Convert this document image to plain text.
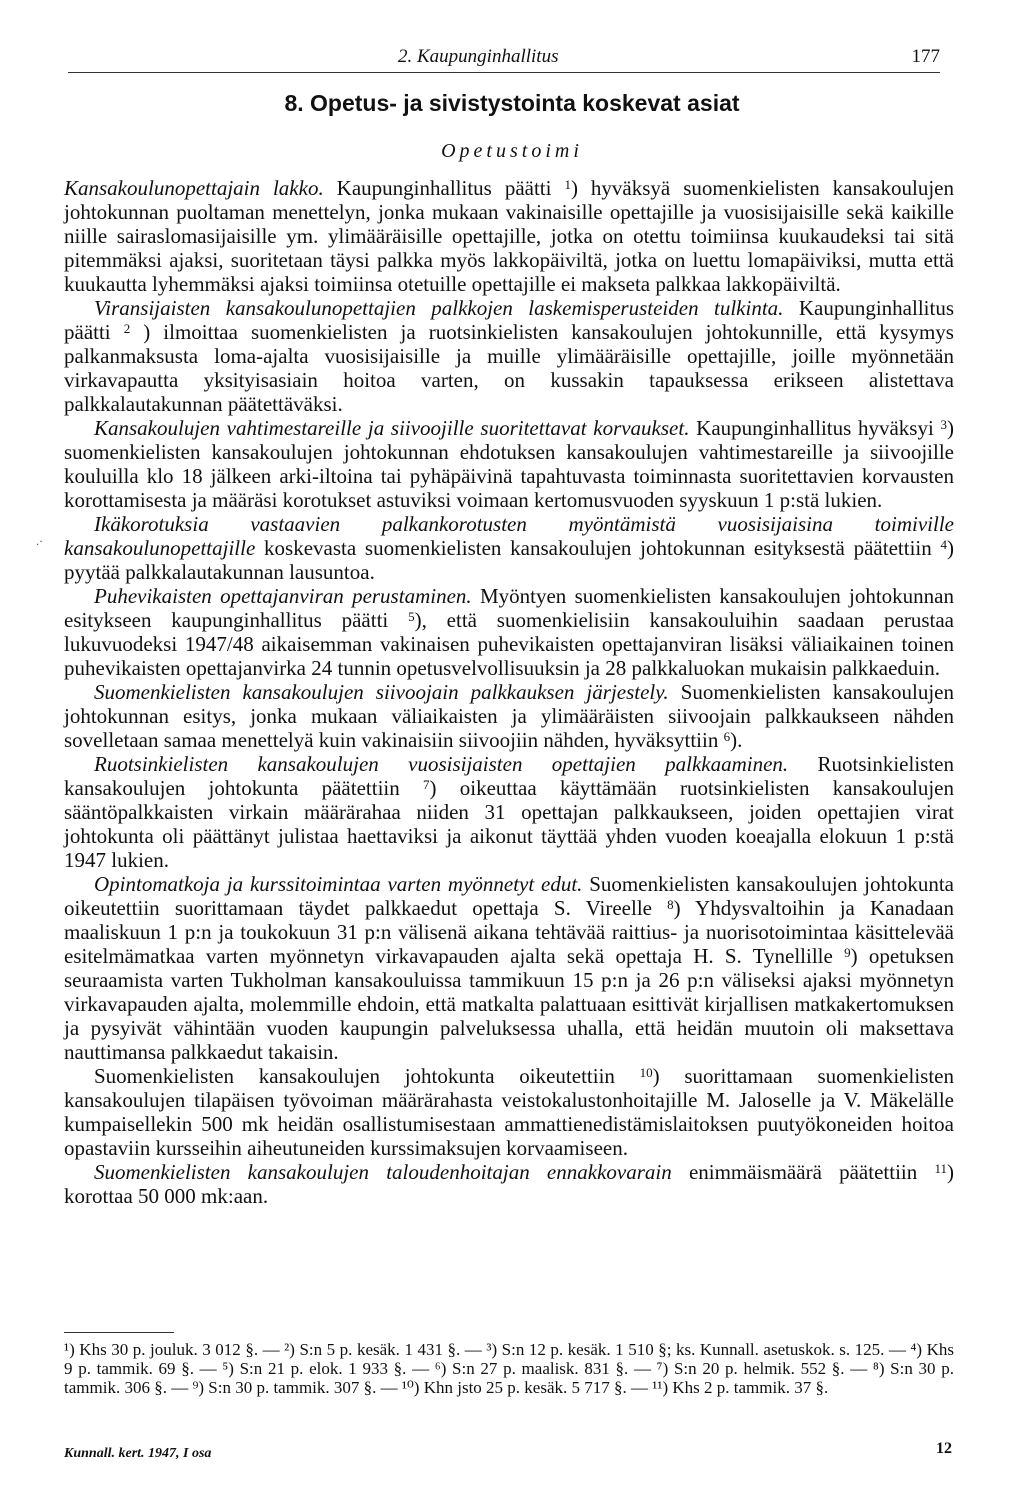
2. Kaupunginhallitus	177
8. Opetus- ja sivistystointa koskevat asiat
Opetustoimi
.·

Kansakoulunopettajain lakko. Kaupunginhallitus päätti $^1$) hyväksyä suomenkielisten kansakoulujen johtokunnan puoltaman menettelyn, jonka mukaan vakinaisille opettajille ja vuosisijaisille sekä kaikille niille sairaslomasijaisille ym. ylimääräisille opettajille, jotka on otettu toimiinsa kuukaudeksi tai sitä pitemmäksi ajaksi, suoritetaan täysi palkka myös lakkopäiviltä, jotka on luettu lomapäiviksi, mutta että kuukautta lyhemmäksi ajaksi toimiinsa otetuille opettajille ei makseta palkkaa lakkopäiviltä.

Viransijaisten kansakoulunopettajien palkkojen laskemisperusteiden tulkinta. Kaupunginhallitus päätti $^2$ ) ilmoittaa suomenkielisten ja ruotsinkielisten kansakoulujen johtokunnille, että kysymys palkanmaksusta loma-ajalta vuosisijaisille ja muille ylimääräisille opettajille, joille myönnetään virkavapautta yksityisasiain hoitoa varten, on kussakin tapauksessa erikseen alistettava palkkalautakunnan päätettäväksi.

Kansakoulujen vahtimestareille ja siivoojille suoritettavat korvaukset. Kaupunginhallitus hyväksyi $^3$) suomenkielisten kansakoulujen johtokunnan ehdotuksen kansakoulujen vahtimestareille ja siivoojille kouluilla klo 18 jälkeen arki-iltoina tai pyhäpäivinä tapahtuvasta toiminnasta suoritettavien korvausten korottamisesta ja määräsi korotukset astuviksi voimaan kertomusvuoden syyskuun 1 p:stä lukien.

Ikäkorotuksia vastaavien palkankorotusten myöntämistä vuosisijaisina toimiville kansakoulunopettajille koskevasta suomenkielisten kansakoulujen johtokunnan esityksestä päätettiin $^4$) pyytää palkkalautakunnan lausuntoa.

Puhevikaisten opettajanviran perustaminen. Myöntyen suomenkielisten kansakoulujen johtokunnan esitykseen kaupunginhallitus päätti $^5$), että suomenkielisiin kansakouluihin saadaan perustaa lukuvuodeksi 1947/48 aikaisemman vakinaisen puhevikaisten opettajanviran lisäksi väliaikainen toinen puhevikaisten opettajanvirka 24 tunnin opetusvelvollisuuksin ja 28 palkkaluokan mukaisin palkkaeduin.

Suomenkielisten kansakoulujen siivoojain palkkauksen järjestely. Suomenkielisten kansakoulujen johtokunnan esitys, jonka mukaan väliaikaisten ja ylimääräisten siivoojain palkkaukseen nähden sovelletaan samaa menettelyä kuin vakinaisiin siivoojiin nähden, hyväksyttiin $^6$).

Ruotsinkielisten kansakoulujen vuosisijaisten opettajien palkkaaminen. Ruotsinkielisten kansakoulujen johtokunta päätettiin $^7$) oikeuttaa käyttämään ruotsinkielisten kansakoulujen sääntöpalkkaisten virkain määrärahaa niiden 31 opettajan palkkaukseen, joiden opettajien virat johtokunta oli päättänyt julistaa haettaviksi ja aikonut täyttää yhden vuoden koeajalla elokuun 1 p:stä 1947 lukien.

Opintomatkoja ja kurssitoimintaa varten myönnetyt edut. Suomenkielisten kansakoulujen johtokunta oikeutettiin suorittamaan täydet palkkaedut opettaja S. Vireelle $^8$) Yhdysvaltoihin ja Kanadaan maaliskuun 1 p:n ja toukokuun 31 p:n välisenä aikana tehtävää raittius- ja nuorisotoimintaa käsittelevää esitelmämatkaa varten myönnetyn virkavapauden ajalta sekä opettaja H. S. Tynellille $^9$) opetuksen seuraamista varten Tukholman kansakouluissa tammikuun 15 p:n ja 26 p:n väliseksi ajaksi myönnetyn virkavapauden ajalta, molemmille ehdoin, että matkalta palattuaan esittivät kirjallisen matkakertomuksen ja pysyivät vähintään vuoden kaupungin palveluksessa uhalla, että heidän muutoin oli maksettava nauttimansa palkkaedut takaisin.

Suomenkielisten kansakoulujen johtokunta oikeutettiin $^{10}$) suorittamaan suomenkielisten kansakoulujen tilapäisen työvoiman määrärahasta veistokalustonhoitajille M. Jaloselle ja V. Mäkelälle kumpaisellekin 500 mk heidän osallistumisestaan ammattienedistämislaitoksen puutyökoneiden hoitoa opastaviin kursseihin aiheutuneiden kurssimaksujen korvaamiseen.

Suomenkielisten kansakoulujen taloudenhoitajan ennakkovarain enimmäismäärä päätettiin $^{11}$) korottaa 50 000 mk:aan.

¹) Khs 30 p. jouluk. 3 012 §. — ²) S:n 5 p. kesäk. 1 431 §. — ³) S:n 12 p. kesäk. 1 510 §; ks. Kunnall. asetuskok. s. 125. — ⁴) Khs 9 p. tammik. 69 §. — ⁵) S:n 21 p. elok. 1 933 §. — ⁶) S:n 27 p. maalisk. 831 §. — ⁷) S:n 20 p. helmik. 552 §. — ⁸) S:n 30 p. tammik. 306 §. — ⁹) S:n 30 p. tammik. 307 §. — ¹⁰) Khn jsto 25 p. kesäk. 5 717 §. — ¹¹) Khs 2 p. tammik. 37 §.
Kunnall. kert. 1947, I osa	12
